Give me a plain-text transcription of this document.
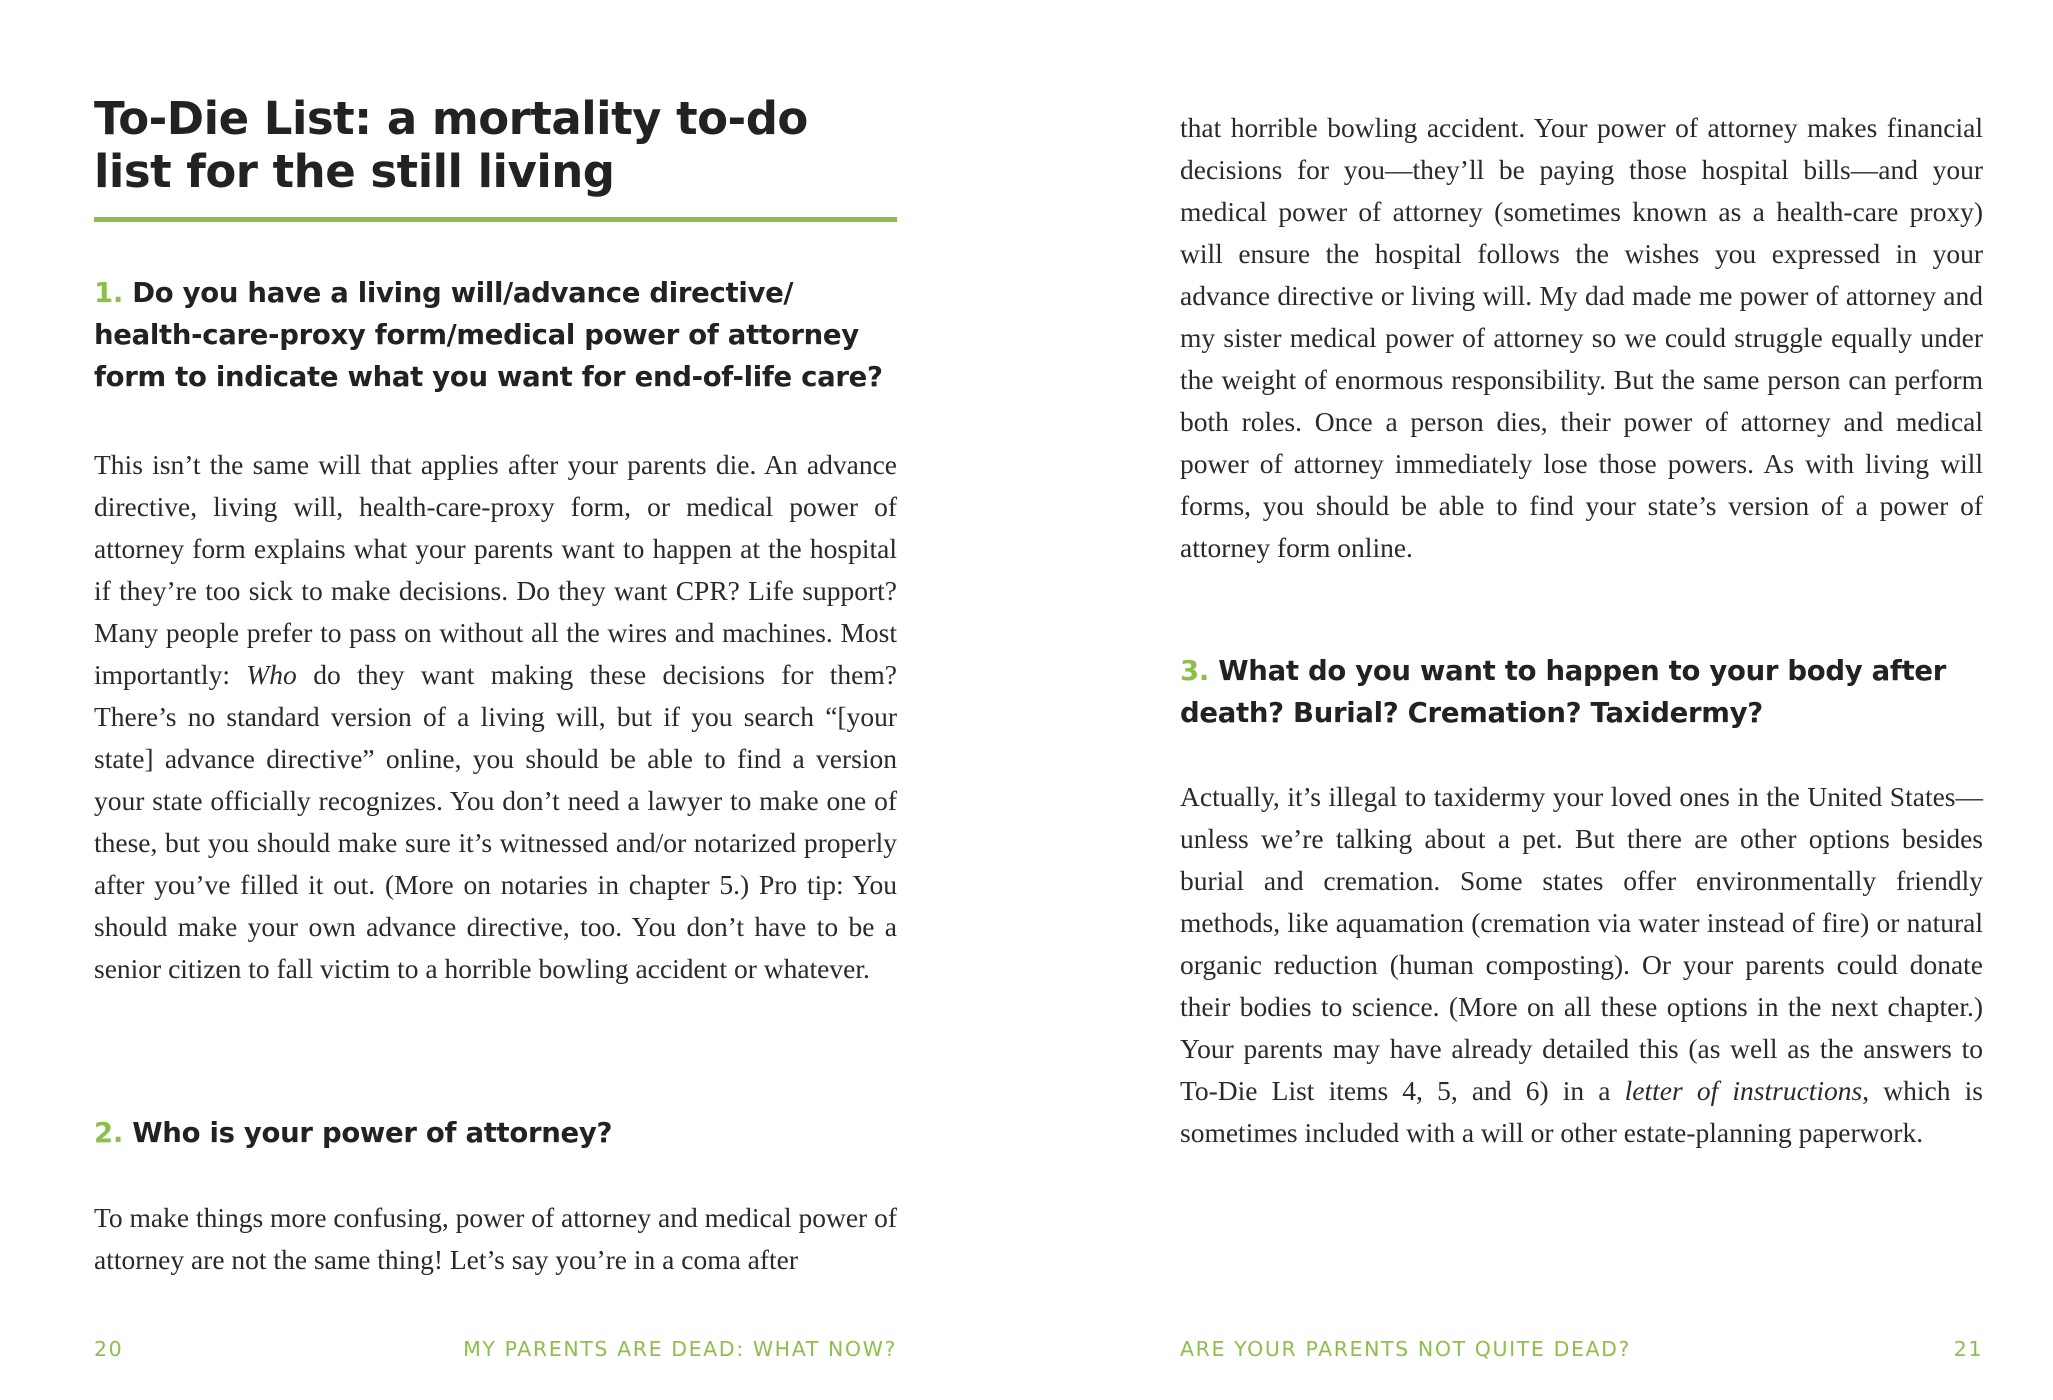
To-Die List: a mortality to-do list for the still living
1. Do you have a living will/advance directive/ health-care-proxy form/medical power of attorney form to indicate what you want for end-of-life care?

This isn’t the same will that applies after your parents die. An advance directive, living will, health-care-proxy form, or medical power of attorney form explains what your parents want to happen at the hospital if they’re too sick to make decisions. Do they want CPR? Life support? Many people prefer to pass on without all the wires and machines. Most importantly: Who do they want making these decisions for them? There’s no standard version of a living will, but if you search “[your state] advance directive” online, you should be able to find a version your state officially recognizes. You don’t need a lawyer to make one of these, but you should make sure it’s witnessed and/or notarized properly after you’ve filled it out. (More on notaries in chapter 5.) Pro tip: You should make your own advance directive, too. You don’t have to be a senior citizen to fall victim to a horrible bowling accident or whatever.

2. Who is your power of attorney?

To make things more confusing, power of attorney and medical power of attorney are not the same thing! Let’s say you’re in a coma after

20	MY PARENTS ARE DEAD: WHAT NOW?

that horrible bowling accident. Your power of attorney makes financial decisions for you—they’ll be paying those hospital bills—and your medical power of attorney (sometimes known as a health-care proxy) will ensure the hospital follows the wishes you expressed in your advance directive or living will. My dad made me power of attorney and my sister medical power of attorney so we could struggle equally under the weight of enormous responsibility. But the same person can perform both roles. Once a person dies, their power of attorney and medical power of attorney immediately lose those powers. As with living will forms, you should be able to find your state’s version of a power of attorney form online.

3. What do you want to happen to your body after death? Burial? Cremation? Taxidermy?

Actually, it’s illegal to taxidermy your loved ones in the United States—unless we’re talking about a pet. But there are other options besides burial and cremation. Some states offer environmentally friendly methods, like aquamation (cremation via water instead of fire) or natural organic reduction (human composting). Or your parents could donate their bodies to science. (More on all these options in the next chapter.) Your parents may have already detailed this (as well as the answers to To-Die List items 4, 5, and 6) in a letter of instructions, which is sometimes included with a will or other estate-planning paperwork.

ARE YOUR PARENTS NOT QUITE DEAD?	21
